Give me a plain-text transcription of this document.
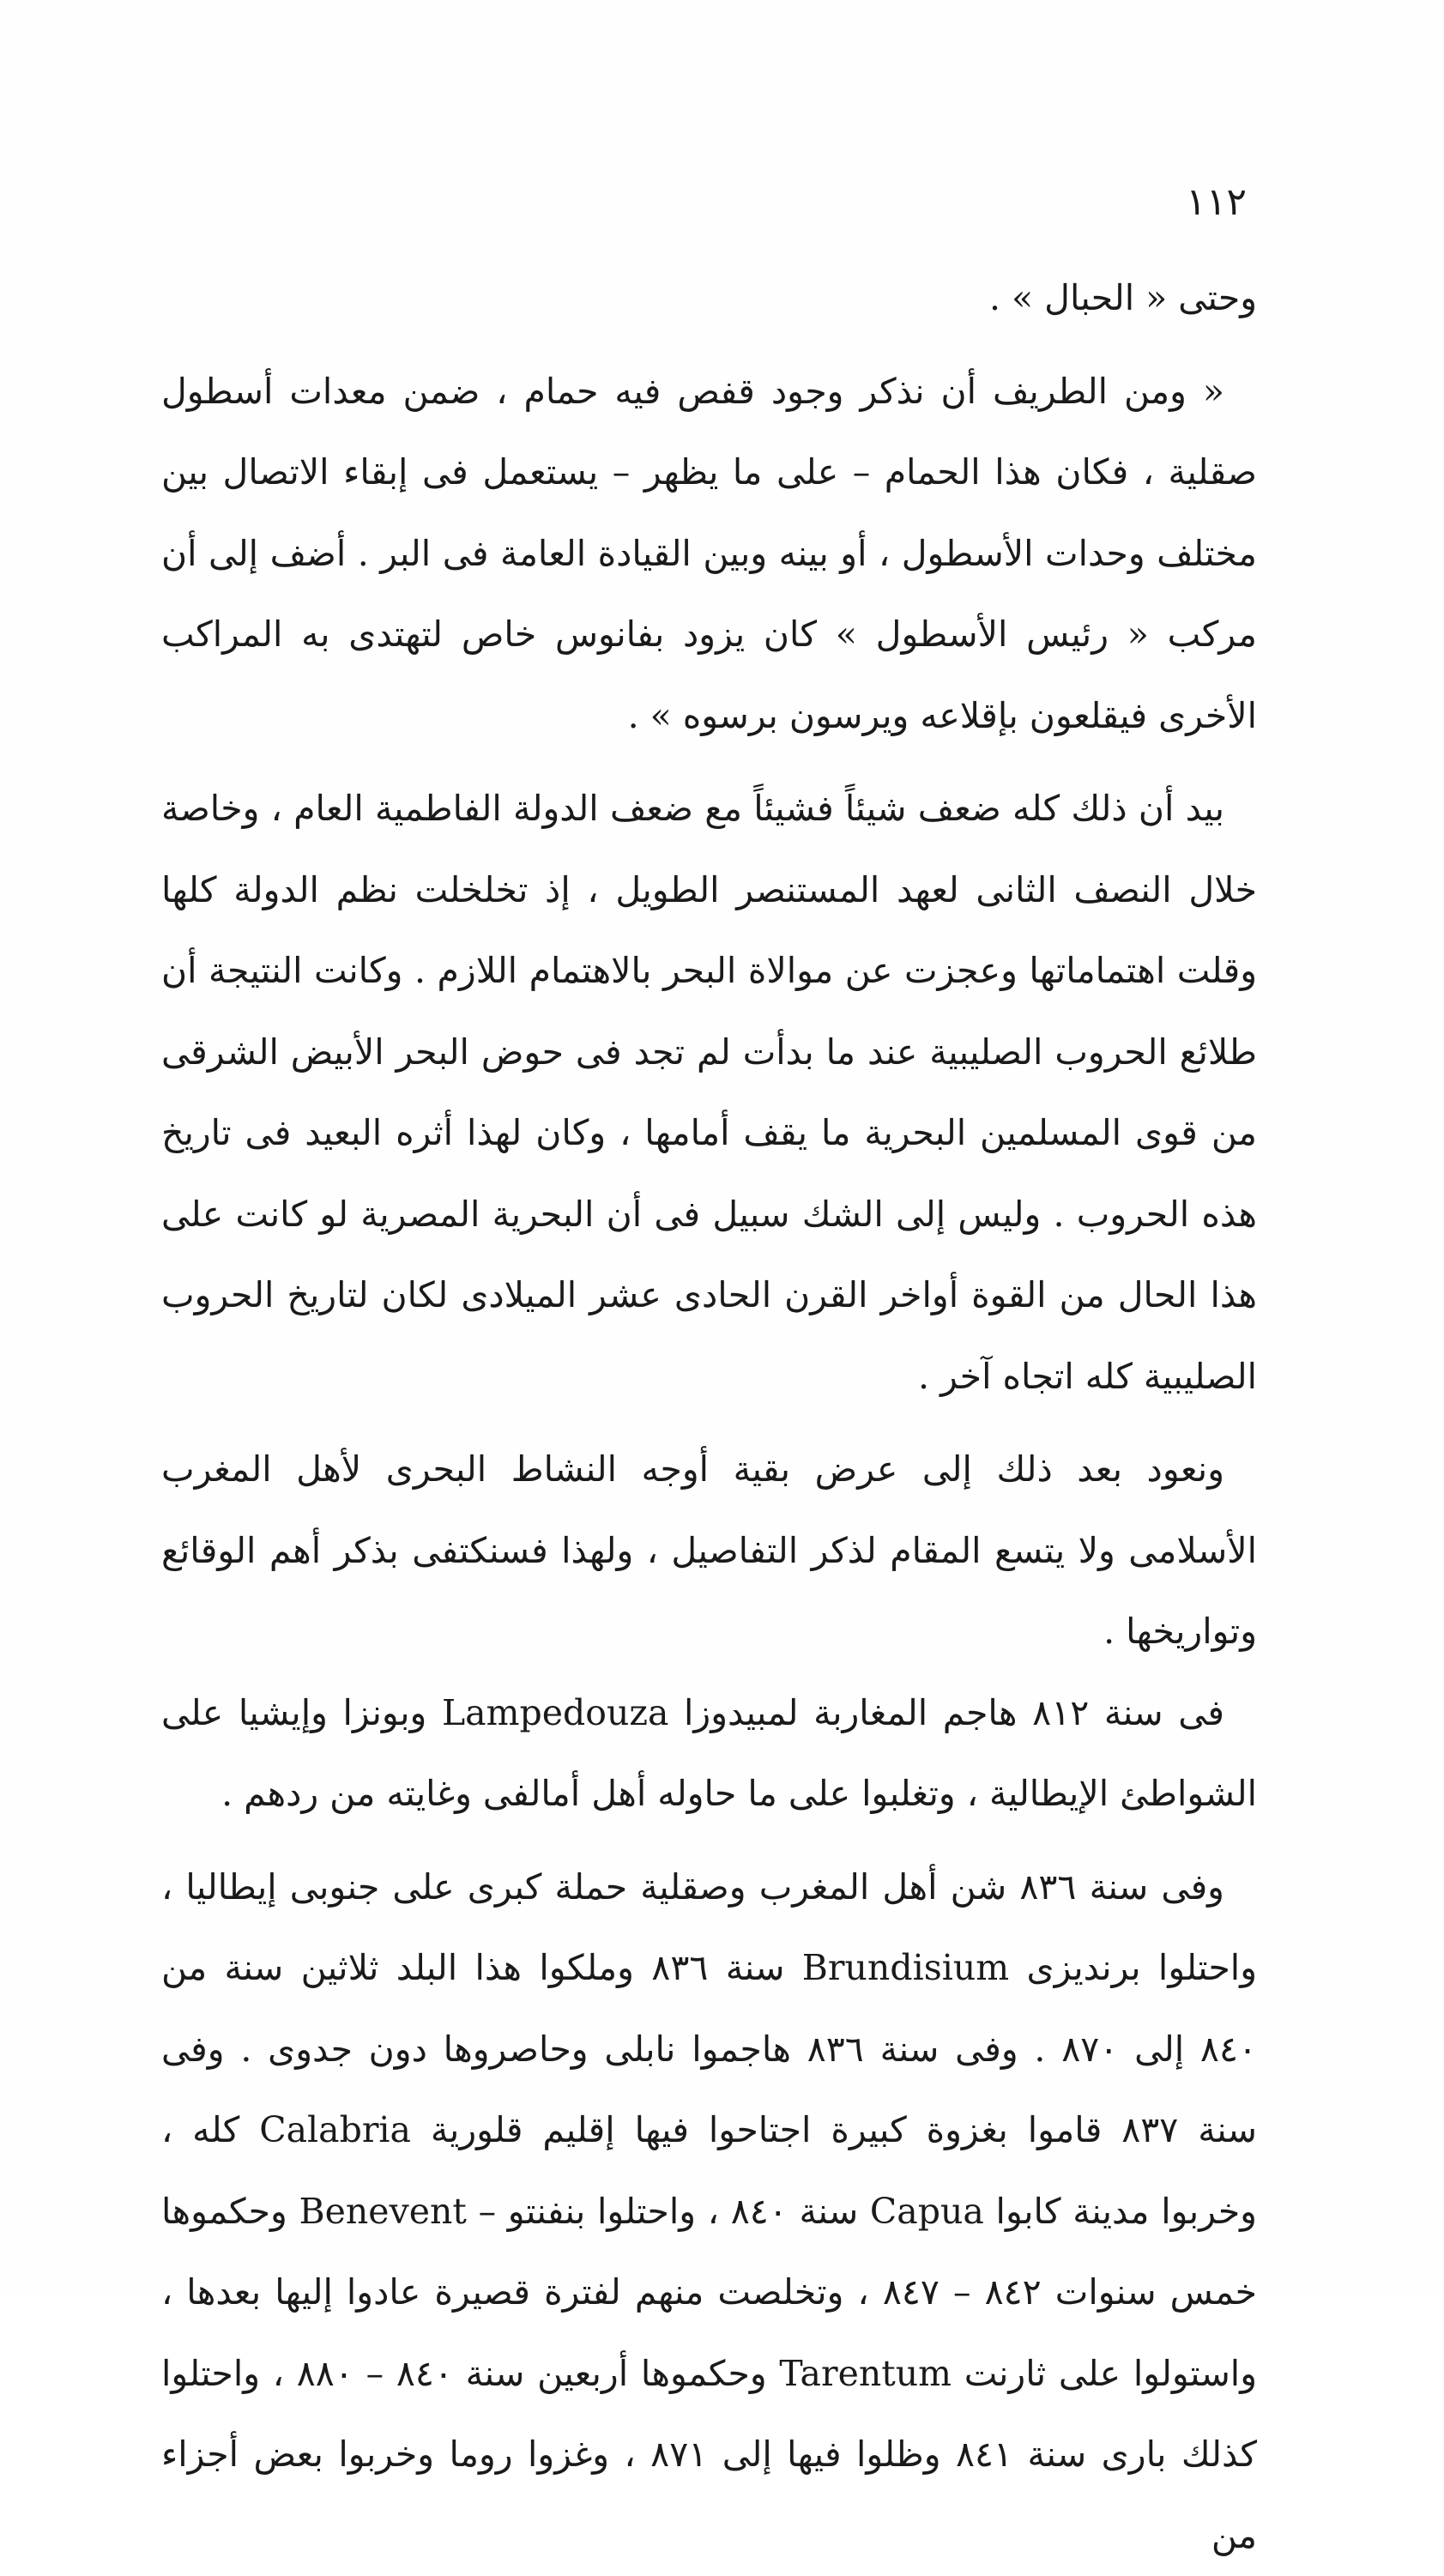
١١٢

وحتى « الحبال » .

« ومن الطريف أن نذكر وجود قفص فيه حمام ، ضمن معدات أسطول صقلية ، فكان هذا الحمام – على ما يظهر – يستعمل فى إبقاء الاتصال بين مختلف وحدات الأسطول ، أو بينه وبين القيادة العامة فى البر . أضف إلى أن مركب « رئيس الأسطول » كان يزود بفانوس خاص لتهتدى به المراكب الأخرى فيقلعون بإقلاعه ويرسون برسوه » .

بيد أن ذلك كله ضعف شيئاً فشيئاً مع ضعف الدولة الفاطمية العام ، وخاصة خلال النصف الثانى لعهد المستنصر الطويل ، إذ تخلخلت نظم الدولة كلها وقلت اهتماماتها وعجزت عن موالاة البحر بالاهتمام اللازم . وكانت النتيجة أن طلائع الحروب الصليبية عند ما بدأت لم تجد فى حوض البحر الأبيض الشرقى من قوى المسلمين البحرية ما يقف أمامها ، وكان لهذا أثره البعيد فى تاريخ هذه الحروب . وليس إلى الشك سبيل فى أن البحرية المصرية لو كانت على هذا الحال من القوة أواخر القرن الحادى عشر الميلادى لكان لتاريخ الحروب الصليبية كله اتجاه آخر .

ونعود بعد ذلك إلى عرض بقية أوجه النشاط البحرى لأهل المغرب الأسلامى ولا يتسع المقام لذكر التفاصيل ، ولهذا فسنكتفى بذكر أهم الوقائع وتواريخها .

فى سنة ٨١٢ هاجم المغاربة لمبيدوزا Lampedouza وبونزا وإيشيا على الشواطئ الإيطالية ، وتغلبوا على ما حاوله أهل أمالفى وغايته من ردهم .

وفى سنة ٨٣٦ شن أهل المغرب وصقلية حملة كبرى على جنوبى إيطاليا ، واحتلوا برنديزى Brundisium سنة ٨٣٦ وملكوا هذا البلد ثلاثين سنة من ٨٤٠ إلى ٨٧٠ . وفى سنة ٨٣٦ هاجموا نابلى وحاصروها دون جدوى . وفى سنة ٨٣٧ قاموا بغزوة كبيرة اجتاحوا فيها إقليم قلورية Calabria كله ، وخربوا مدينة كابوا Capua سنة ٨٤٠ ، واحتلوا بنفنتو – Benevent وحكموها خمس سنوات ٨٤٢ – ٨٤٧ ، وتخلصت منهم لفترة قصيرة عادوا إليها بعدها ، واستولوا على ثارنت Tarentum وحكموها أربعين سنة ٨٤٠ – ٨٨٠ ، واحتلوا كذلك بارى سنة ٨٤١ وظلوا فيها إلى ٨٧١ ، وغزوا روما وخربوا بعض أجزاء من
